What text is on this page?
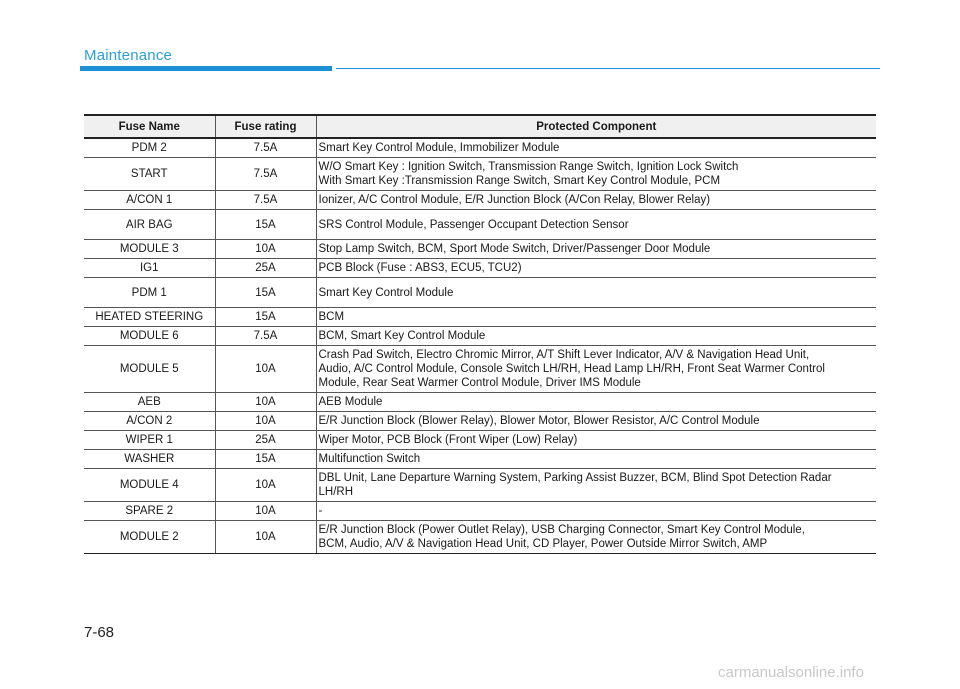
Maintenance
Fuse Name	Fuse rating	Protected Component
PDM 2	7.5A	Smart Key Control Module, Immobilizer Module

START	7.5A	W/O Smart Key : Ignition Switch, Transmission Range Switch, Ignition Lock Switch
With Smart Key :Transmission Range Switch, Smart Key Control Module, PCM

A/CON 1	7.5A	Ionizer, A/C Control Module, E/R Junction Block (A/Con Relay, Blower Relay)

AIR BAG	15A	SRS Control Module, Passenger Occupant Detection Sensor

MODULE 3	10A	Stop Lamp Switch, BCM, Sport Mode Switch, Driver/Passenger Door Module

IG1	25A	PCB Block (Fuse : ABS3, ECU5, TCU2)

PDM 1	15A	Smart Key Control Module

HEATED STEERING	15A	BCM

MODULE 6	7.5A	BCM, Smart Key Control Module

MODULE 5	10A	Crash Pad Switch, Electro Chromic Mirror, A/T Shift Lever Indicator, A/V & Navigation Head Unit,
Audio, A/C Control Module, Console Switch LH/RH, Head Lamp LH/RH, Front Seat Warmer Control
Module, Rear Seat Warmer Control Module, Driver IMS Module

AEB	10A	AEB Module

A/CON 2	10A	E/R Junction Block (Blower Relay), Blower Motor, Blower Resistor, A/C Control Module

WIPER 1	25A	Wiper Motor, PCB Block (Front Wiper (Low) Relay)

WASHER	15A	Multifunction Switch

MODULE 4	10A	DBL Unit, Lane Departure Warning System, Parking Assist Buzzer, BCM, Blind Spot Detection Radar
LH/RH

SPARE 2	10A	-

MODULE 2	10A	E/R Junction Block (Power Outlet Relay), USB Charging Connector, Smart Key Control Module,
BCM, Audio, A/V & Navigation Head Unit, CD Player, Power Outside Mirror Switch, AMP
7-68
carmanualsonline.info
